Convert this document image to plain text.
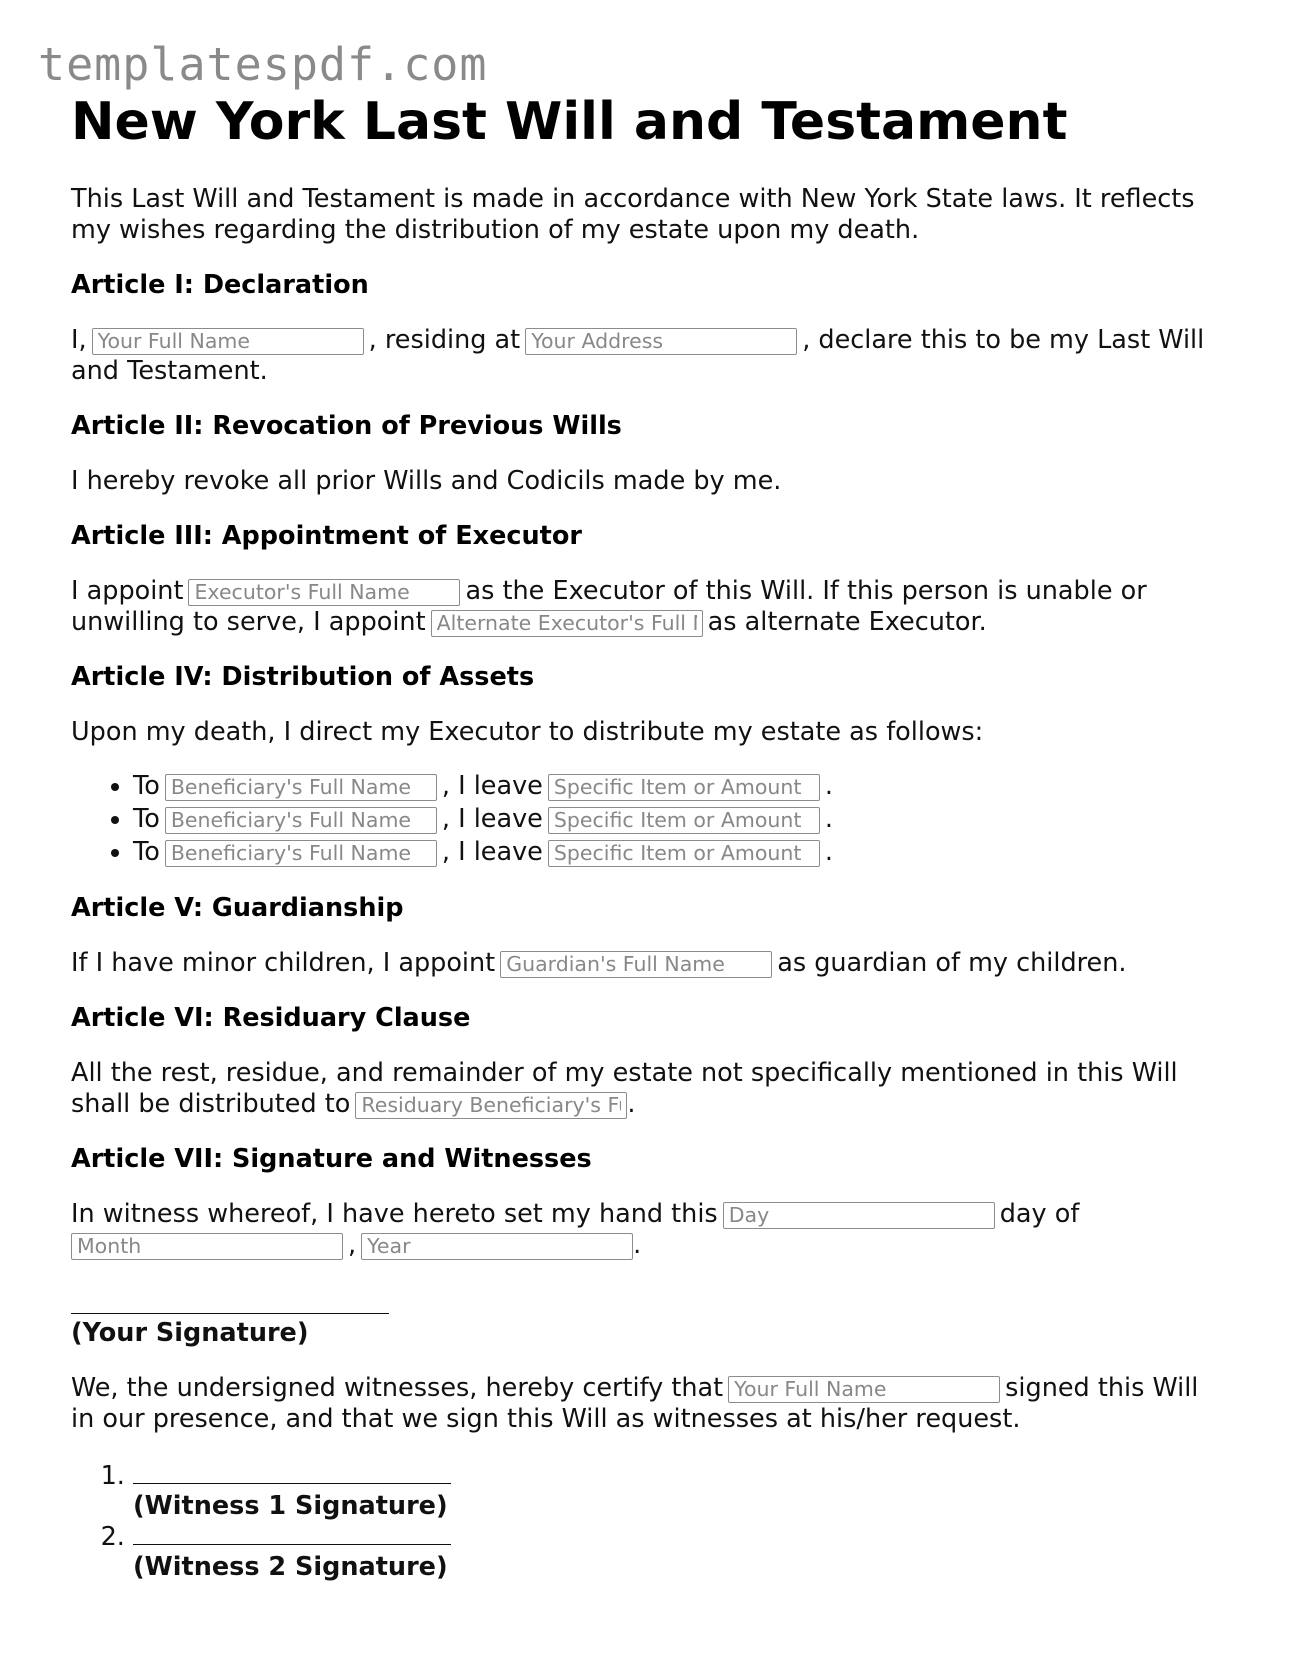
templatespdf.com
New York Last Will and Testament

This Last Will and Testament is made in accordance with New York State laws. It reflects my wishes regarding the distribution of my estate upon my death.

Article I: Declaration

I,Your Full Name	, residing atYour Address	, declare this to be my Last Will and Testament.

Article II: Revocation of Previous Wills

I hereby revoke all prior Wills and Codicils made by me.

Article III: Appointment of Executor

I appointExecutor's Full Name	as the Executor of this Will. If this person is unable or unwilling to serve, I appointAlternate Executor's Full Name	as alternate Executor.

Article IV: Distribution of Assets

Upon my death, I direct my Executor to distribute my estate as follows:

• ToBeneficiary's Full Name	, I leaveSpecific Item or Amount	.
• ToBeneficiary's Full Name	, I leaveSpecific Item or Amount	.
• ToBeneficiary's Full Name	, I leaveSpecific Item or Amount	.
Article V: Guardianship

If I have minor children, I appointGuardian's Full Name	as guardian of my children.

Article VI: Residuary Clause

All the rest, residue, and remainder of my estate not specifically mentioned in this Will shall be distributed toResiduary Beneficiary's Full Name	.

Article VII: Signature and Witnesses

In witness whereof, I have hereto set my hand thisDay	day of Month,Year	.

(Your Signature)

We, the undersigned witnesses, hereby certify thatYour Full Name	signed this Will in our presence, and that we sign this Will as witnesses at his/her request.

1. (Witness 1 Signature)
2. (Witness 2 Signature)
